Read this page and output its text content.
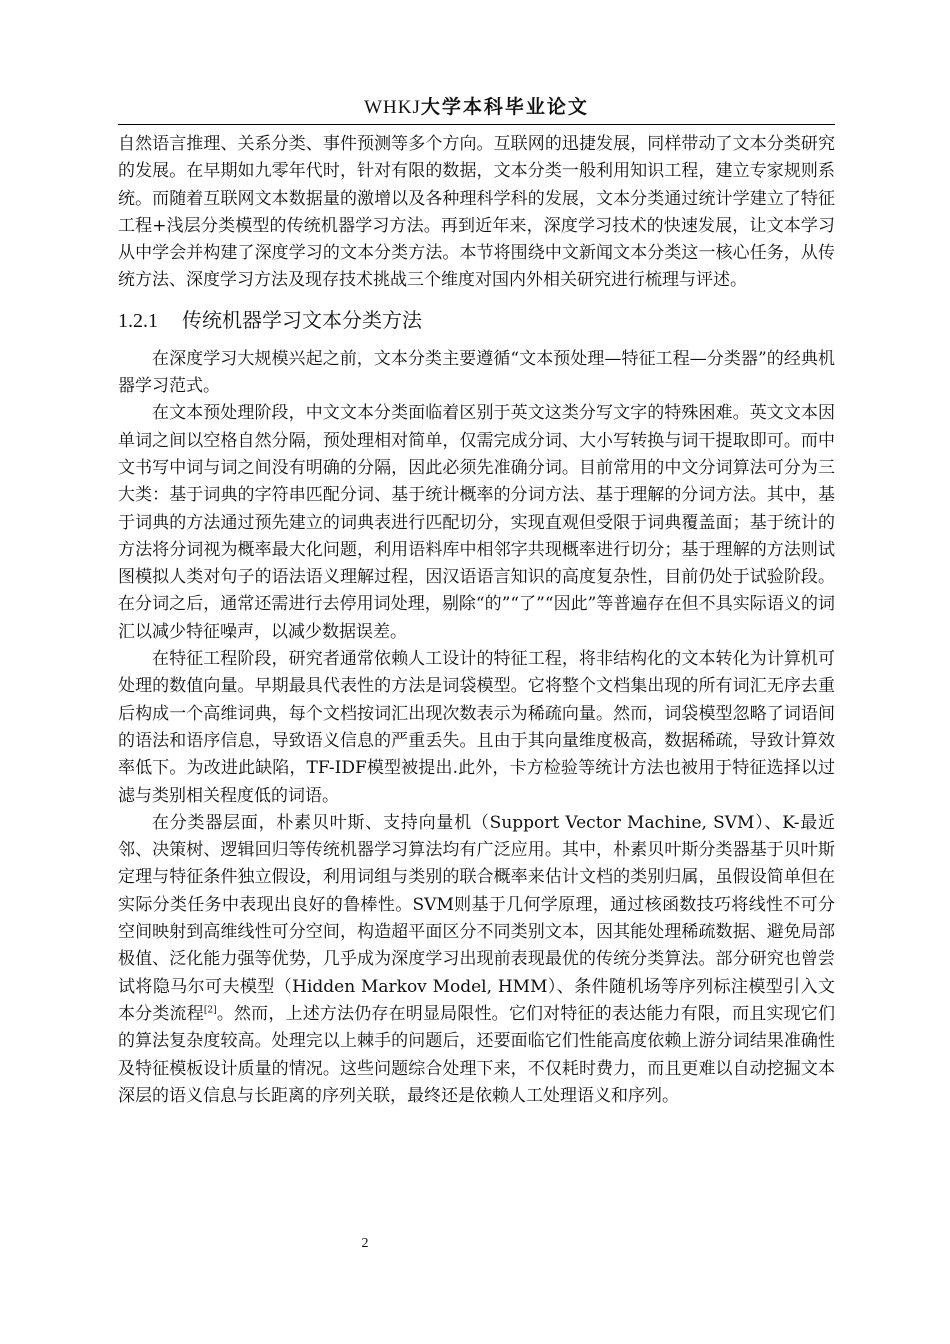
WHKJ大学本科毕业论文

自然语言推理、关系分类、事件预测等多个方向。互联网的迅捷发展，同样带动了文本分类研究的发展。在早期如九零年代时，针对有限的数据，文本分类一般利用知识工程，建立专家规则系统。而随着互联网文本数据量的激增以及各种理科学科的发展，文本分类通过统计学建立了特征工程+浅层分类模型的传统机器学习方法。再到近年来，深度学习技术的快速发展，让文本学习从中学会并构建了深度学习的文本分类方法。本节将围绕中文新闻文本分类这一核心任务，从传统方法、深度学习方法及现存技术挑战三个维度对国内外相关研究进行梳理与评述。

1.2.1 传统机器学习文本分类方法

在深度学习大规模兴起之前，文本分类主要遵循“文本预处理—特征工程—分类器”的经典机器学习范式。

在文本预处理阶段，中文文本分类面临着区别于英文这类分写文字的特殊困难。英文文本因单词之间以空格自然分隔，预处理相对简单，仅需完成分词、大小写转换与词干提取即可。而中文书写中词与词之间没有明确的分隔，因此必须先准确分词。目前常用的中文分词算法可分为三大类：基于词典的字符串匹配分词、基于统计概率的分词方法、基于理解的分词方法。其中，基于词典的方法通过预先建立的词典表进行匹配切分，实现直观但受限于词典覆盖面；基于统计的方法将分词视为概率最大化问题，利用语料库中相邻字共现概率进行切分；基于理解的方法则试图模拟人类对句子的语法语义理解过程，因汉语语言知识的高度复杂性，目前仍处于试验阶段。在分词之后，通常还需进行去停用词处理，剔除“的”“了”“因此”等普遍存在但不具实际语义的词汇以减少特征噪声，以减少数据误差。

在特征工程阶段，研究者通常依赖人工设计的特征工程，将非结构化的文本转化为计算机可处理的数值向量。早期最具代表性的方法是词袋模型。它将整个文档集出现的所有词汇无序去重后构成一个高维词典，每个文档按词汇出现次数表示为稀疏向量。然而，词袋模型忽略了词语间的语法和语序信息，导致语义信息的严重丢失。且由于其向量维度极高，数据稀疏，导致计算效率低下。为改进此缺陷，TF-IDF模型被提出.此外，卡方检验等统计方法也被用于特征选择以过滤与类别相关程度低的词语。

在分类器层面，朴素贝叶斯、支持向量机（Support Vector Machine, SVM）、K-最近邻、决策树、逻辑回归等传统机器学习算法均有广泛应用。其中，朴素贝叶斯分类器基于贝叶斯定理与特征条件独立假设，利用词组与类别的联合概率来估计文档的类别归属，虽假设简单但在实际分类任务中表现出良好的鲁棒性。SVM则基于几何学原理，通过核函数技巧将线性不可分空间映射到高维线性可分空间，构造超平面区分不同类别文本，因其能处理稀疏数据、避免局部极值、泛化能力强等优势，几乎成为深度学习出现前表现最优的传统分类算法。部分研究也曾尝试将隐马尔可夫模型（Hidden Markov Model, HMM）、条件随机场等序列标注模型引入文本分类流程[2]。然而，上述方法仍存在明显局限性。它们对特征的表达能力有限，而且实现它们的算法复杂度较高。处理完以上棘手的问题后，还要面临它们性能高度依赖上游分词结果准确性及特征模板设计质量的情况。这些问题综合处理下来，不仅耗时费力，而且更难以自动挖掘文本深层的语义信息与长距离的序列关联，最终还是依赖人工处理语义和序列。

2
